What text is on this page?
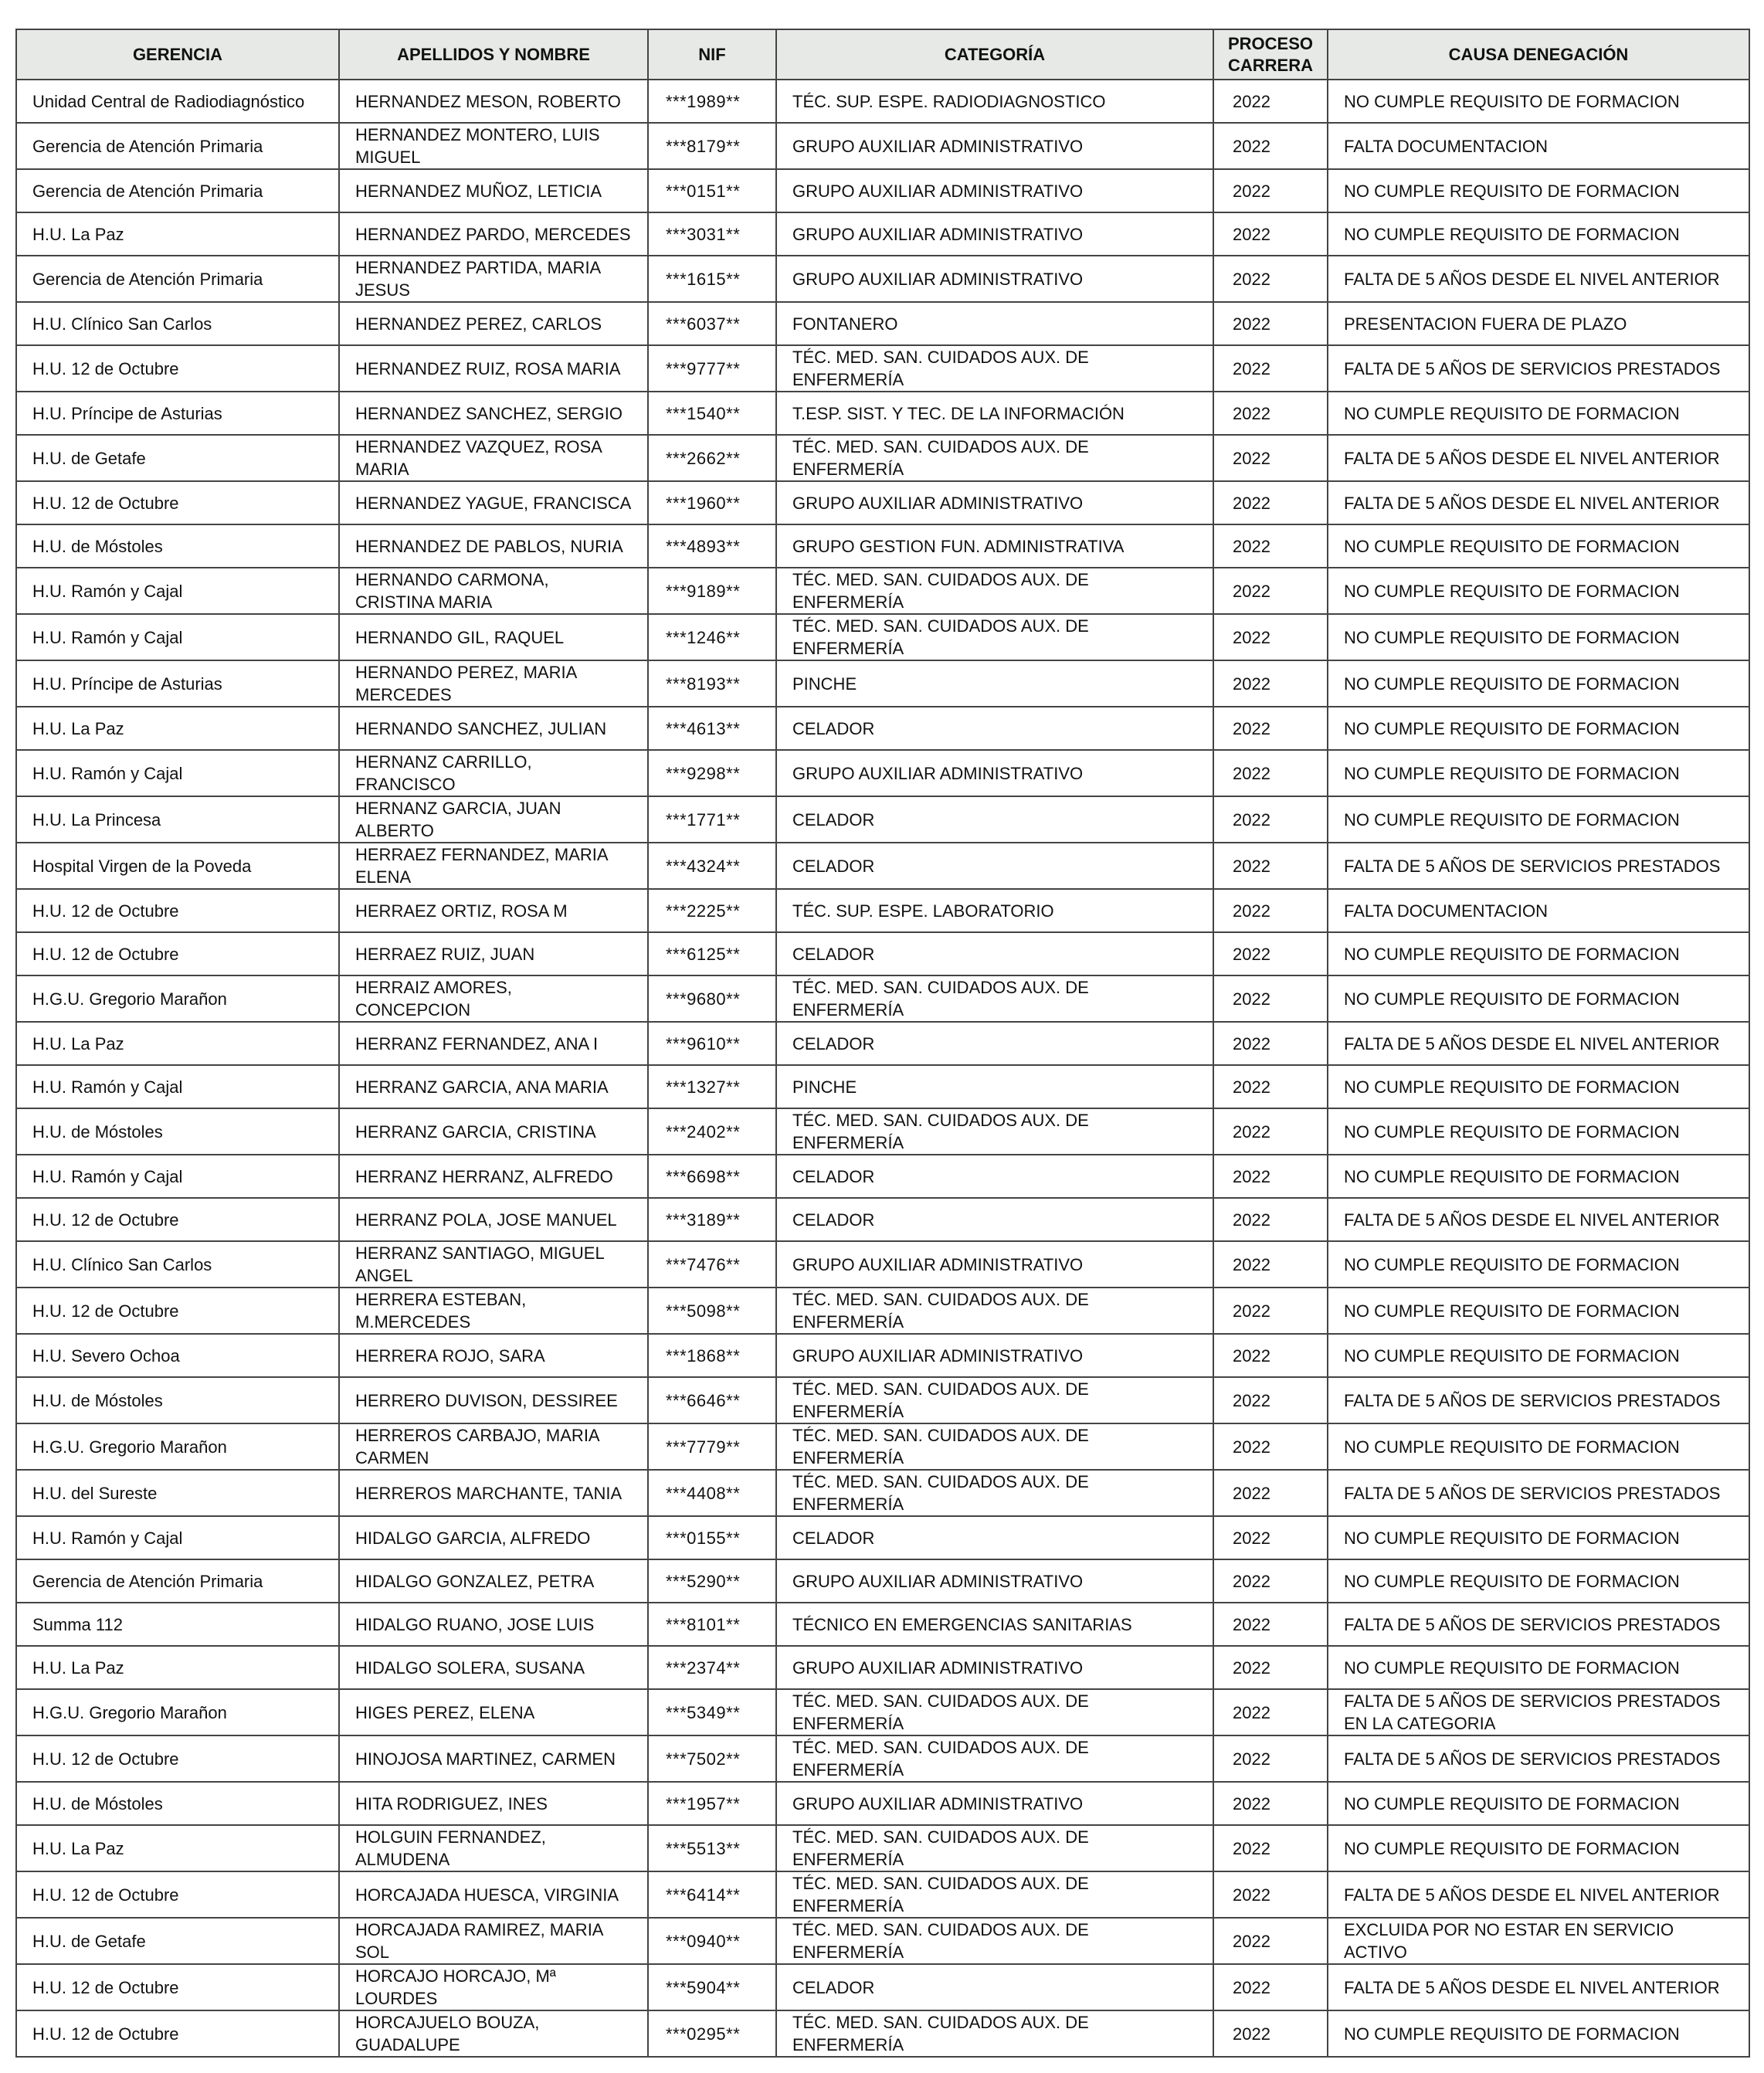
GERENCIA	APELLIDOS Y NOMBRE	NIF	CATEGORÍA	PROCESO CARRERA	CAUSA DENEGACIÓN
Unidad Central de Radiodiagnóstico	HERNANDEZ MESON, ROBERTO	***1989**	TÉC. SUP. ESPE. RADIODIAGNOSTICO	2022	NO CUMPLE REQUISITO DE FORMACION
Gerencia de Atención Primaria	HERNANDEZ MONTERO, LUIS MIGUEL	***8179**	GRUPO AUXILIAR ADMINISTRATIVO	2022	FALTA DOCUMENTACION
Gerencia de Atención Primaria	HERNANDEZ MUÑOZ, LETICIA	***0151**	GRUPO AUXILIAR ADMINISTRATIVO	2022	NO CUMPLE REQUISITO DE FORMACION
H.U. La Paz	HERNANDEZ PARDO, MERCEDES	***3031**	GRUPO AUXILIAR ADMINISTRATIVO	2022	NO CUMPLE REQUISITO DE FORMACION
Gerencia de Atención Primaria	HERNANDEZ PARTIDA, MARIA JESUS	***1615**	GRUPO AUXILIAR ADMINISTRATIVO	2022	FALTA DE 5 AÑOS DESDE EL NIVEL ANTERIOR
H.U. Clínico San Carlos	HERNANDEZ PEREZ, CARLOS	***6037**	FONTANERO	2022	PRESENTACION FUERA DE PLAZO
H.U. 12 de Octubre	HERNANDEZ RUIZ, ROSA MARIA	***9777**	TÉC. MED. SAN. CUIDADOS AUX. DE ENFERMERÍA	2022	FALTA DE 5 AÑOS DE SERVICIOS PRESTADOS
H.U. Príncipe de Asturias	HERNANDEZ SANCHEZ, SERGIO	***1540**	T.ESP. SIST. Y TEC. DE LA INFORMACIÓN	2022	NO CUMPLE REQUISITO DE FORMACION
H.U. de Getafe	HERNANDEZ VAZQUEZ, ROSA MARIA	***2662**	TÉC. MED. SAN. CUIDADOS AUX. DE ENFERMERÍA	2022	FALTA DE 5 AÑOS DESDE EL NIVEL ANTERIOR
H.U. 12 de Octubre	HERNANDEZ YAGUE, FRANCISCA	***1960**	GRUPO AUXILIAR ADMINISTRATIVO	2022	FALTA DE 5 AÑOS DESDE EL NIVEL ANTERIOR
H.U. de Móstoles	HERNANDEZ DE PABLOS, NURIA	***4893**	GRUPO GESTION FUN. ADMINISTRATIVA	2022	NO CUMPLE REQUISITO DE FORMACION
H.U. Ramón y Cajal	HERNANDO CARMONA, CRISTINA MARIA	***9189**	TÉC. MED. SAN. CUIDADOS AUX. DE ENFERMERÍA	2022	NO CUMPLE REQUISITO DE FORMACION
H.U. Ramón y Cajal	HERNANDO GIL, RAQUEL	***1246**	TÉC. MED. SAN. CUIDADOS AUX. DE ENFERMERÍA	2022	NO CUMPLE REQUISITO DE FORMACION
H.U. Príncipe de Asturias	HERNANDO PEREZ, MARIA MERCEDES	***8193**	PINCHE	2022	NO CUMPLE REQUISITO DE FORMACION
H.U. La Paz	HERNANDO SANCHEZ, JULIAN	***4613**	CELADOR	2022	NO CUMPLE REQUISITO DE FORMACION
H.U. Ramón y Cajal	HERNANZ CARRILLO, FRANCISCO	***9298**	GRUPO AUXILIAR ADMINISTRATIVO	2022	NO CUMPLE REQUISITO DE FORMACION
H.U. La Princesa	HERNANZ GARCIA, JUAN ALBERTO	***1771**	CELADOR	2022	NO CUMPLE REQUISITO DE FORMACION
Hospital Virgen de la Poveda	HERRAEZ FERNANDEZ, MARIA ELENA	***4324**	CELADOR	2022	FALTA DE 5 AÑOS DE SERVICIOS PRESTADOS
H.U. 12 de Octubre	HERRAEZ ORTIZ, ROSA M	***2225**	TÉC. SUP. ESPE. LABORATORIO	2022	FALTA DOCUMENTACION
H.U. 12 de Octubre	HERRAEZ RUIZ, JUAN	***6125**	CELADOR	2022	NO CUMPLE REQUISITO DE FORMACION
H.G.U. Gregorio Marañon	HERRAIZ AMORES, CONCEPCION	***9680**	TÉC. MED. SAN. CUIDADOS AUX. DE ENFERMERÍA	2022	NO CUMPLE REQUISITO DE FORMACION
H.U. La Paz	HERRANZ FERNANDEZ, ANA I	***9610**	CELADOR	2022	FALTA DE 5 AÑOS DESDE EL NIVEL ANTERIOR
H.U. Ramón y Cajal	HERRANZ GARCIA, ANA MARIA	***1327**	PINCHE	2022	NO CUMPLE REQUISITO DE FORMACION
H.U. de Móstoles	HERRANZ GARCIA, CRISTINA	***2402**	TÉC. MED. SAN. CUIDADOS AUX. DE ENFERMERÍA	2022	NO CUMPLE REQUISITO DE FORMACION
H.U. Ramón y Cajal	HERRANZ HERRANZ, ALFREDO	***6698**	CELADOR	2022	NO CUMPLE REQUISITO DE FORMACION
H.U. 12 de Octubre	HERRANZ POLA, JOSE MANUEL	***3189**	CELADOR	2022	FALTA DE 5 AÑOS DESDE EL NIVEL ANTERIOR
H.U. Clínico San Carlos	HERRANZ SANTIAGO, MIGUEL ANGEL	***7476**	GRUPO AUXILIAR ADMINISTRATIVO	2022	NO CUMPLE REQUISITO DE FORMACION
H.U. 12 de Octubre	HERRERA ESTEBAN, M.MERCEDES	***5098**	TÉC. MED. SAN. CUIDADOS AUX. DE ENFERMERÍA	2022	NO CUMPLE REQUISITO DE FORMACION
H.U. Severo Ochoa	HERRERA ROJO, SARA	***1868**	GRUPO AUXILIAR ADMINISTRATIVO	2022	NO CUMPLE REQUISITO DE FORMACION
H.U. de Móstoles	HERRERO DUVISON, DESSIREE	***6646**	TÉC. MED. SAN. CUIDADOS AUX. DE ENFERMERÍA	2022	FALTA DE 5 AÑOS DE SERVICIOS PRESTADOS
H.G.U. Gregorio Marañon	HERREROS CARBAJO, MARIA CARMEN	***7779**	TÉC. MED. SAN. CUIDADOS AUX. DE ENFERMERÍA	2022	NO CUMPLE REQUISITO DE FORMACION
H.U. del Sureste	HERREROS MARCHANTE, TANIA	***4408**	TÉC. MED. SAN. CUIDADOS AUX. DE ENFERMERÍA	2022	FALTA DE 5 AÑOS DE SERVICIOS PRESTADOS
H.U. Ramón y Cajal	HIDALGO GARCIA, ALFREDO	***0155**	CELADOR	2022	NO CUMPLE REQUISITO DE FORMACION
Gerencia de Atención Primaria	HIDALGO GONZALEZ, PETRA	***5290**	GRUPO AUXILIAR ADMINISTRATIVO	2022	NO CUMPLE REQUISITO DE FORMACION
Summa 112	HIDALGO RUANO, JOSE LUIS	***8101**	TÉCNICO EN EMERGENCIAS SANITARIAS	2022	FALTA DE 5 AÑOS DE SERVICIOS PRESTADOS
H.U. La Paz	HIDALGO SOLERA, SUSANA	***2374**	GRUPO AUXILIAR ADMINISTRATIVO	2022	NO CUMPLE REQUISITO DE FORMACION
H.G.U. Gregorio Marañon	HIGES PEREZ, ELENA	***5349**	TÉC. MED. SAN. CUIDADOS AUX. DE ENFERMERÍA	2022	FALTA DE 5 AÑOS DE SERVICIOS PRESTADOS EN LA CATEGORIA
H.U. 12 de Octubre	HINOJOSA MARTINEZ, CARMEN	***7502**	TÉC. MED. SAN. CUIDADOS AUX. DE ENFERMERÍA	2022	FALTA DE 5 AÑOS DE SERVICIOS PRESTADOS
H.U. de Móstoles	HITA RODRIGUEZ, INES	***1957**	GRUPO AUXILIAR ADMINISTRATIVO	2022	NO CUMPLE REQUISITO DE FORMACION
H.U. La Paz	HOLGUIN FERNANDEZ, ALMUDENA	***5513**	TÉC. MED. SAN. CUIDADOS AUX. DE ENFERMERÍA	2022	NO CUMPLE REQUISITO DE FORMACION
H.U. 12 de Octubre	HORCAJADA HUESCA, VIRGINIA	***6414**	TÉC. MED. SAN. CUIDADOS AUX. DE ENFERMERÍA	2022	FALTA DE 5 AÑOS DESDE EL NIVEL ANTERIOR
H.U. de Getafe	HORCAJADA RAMIREZ, MARIA SOL	***0940**	TÉC. MED. SAN. CUIDADOS AUX. DE ENFERMERÍA	2022	EXCLUIDA POR NO ESTAR EN SERVICIO ACTIVO
H.U. 12 de Octubre	HORCAJO HORCAJO, Mª LOURDES	***5904**	CELADOR	2022	FALTA DE 5 AÑOS DESDE EL NIVEL ANTERIOR
H.U. 12 de Octubre	HORCAJUELO BOUZA, GUADALUPE	***0295**	TÉC. MED. SAN. CUIDADOS AUX. DE ENFERMERÍA	2022	NO CUMPLE REQUISITO DE FORMACION
